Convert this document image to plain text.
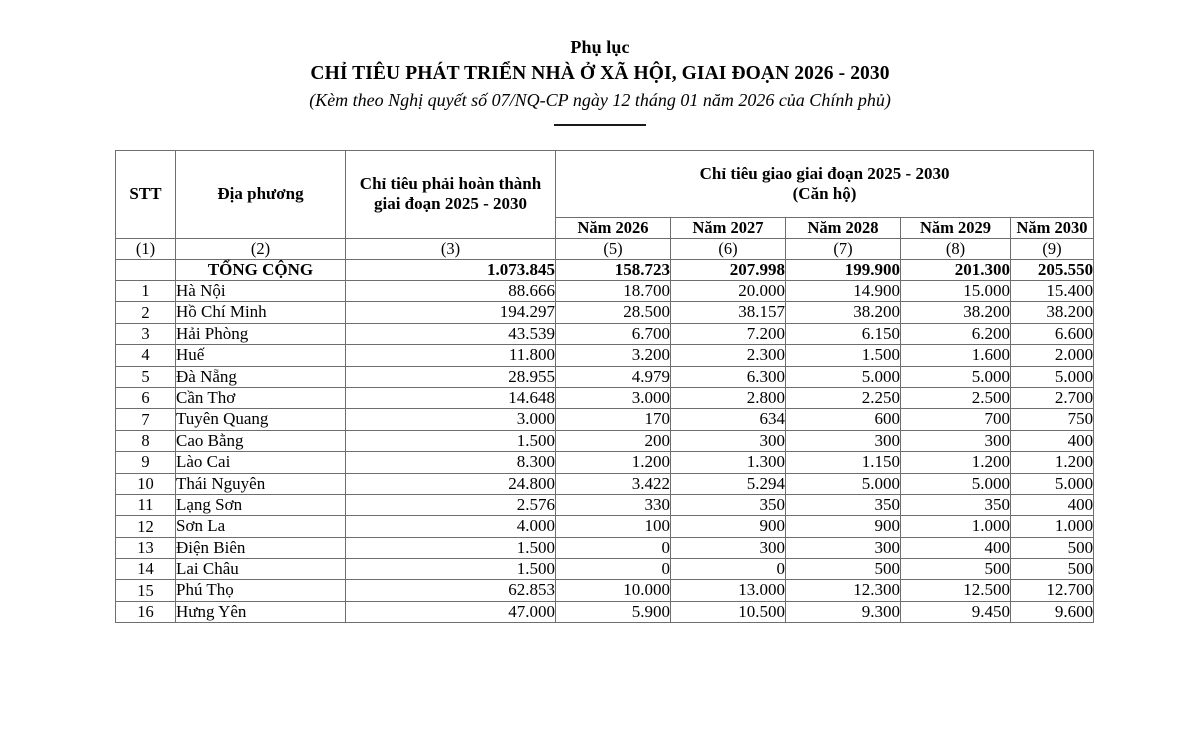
Phụ lục
CHỈ TIÊU PHÁT TRIỂN NHÀ Ở XÃ HỘI, GIAI ĐOẠN 2026 - 2030
(Kèm theo Nghị quyết số 07/NQ-CP ngày 12 tháng 01 năm 2026 của Chính phủ)
STT	Địa phương	Chỉ tiêu phải hoàn thành giai đoạn 2025 - 2030	Chỉ tiêu giao giai đoạn 2025 - 2030
(Căn hộ)				

			Năm 2026	Năm 2027	Năm 2028	Năm 2029	Năm 2030
(1)	(2)	(3)	(5)	(6)	(7)	(8)	(9)
	TỔNG CỘNG	1.073.845	158.723	207.998	199.900	201.300	205.550
1	Hà Nội	88.666	18.700	20.000	14.900	15.000	15.400
2	Hồ Chí Minh	194.297	28.500	38.157	38.200	38.200	38.200
3	Hải Phòng	43.539	6.700	7.200	6.150	6.200	6.600
4	Huế	11.800	3.200	2.300	1.500	1.600	2.000
5	Đà Nẵng	28.955	4.979	6.300	5.000	5.000	5.000
6	Cần Thơ	14.648	3.000	2.800	2.250	2.500	2.700
7	Tuyên Quang	3.000	170	634	600	700	750
8	Cao Bằng	1.500	200	300	300	300	400
9	Lào Cai	8.300	1.200	1.300	1.150	1.200	1.200
10	Thái Nguyên	24.800	3.422	5.294	5.000	5.000	5.000
11	Lạng Sơn	2.576	330	350	350	350	400
12	Sơn La	4.000	100	900	900	1.000	1.000
13	Điện Biên	1.500	0	300	300	400	500
14	Lai Châu	1.500	0	0	500	500	500
15	Phú Thọ	62.853	10.000	13.000	12.300	12.500	12.700
16	Hưng Yên	47.000	5.900	10.500	9.300	9.450	9.600
